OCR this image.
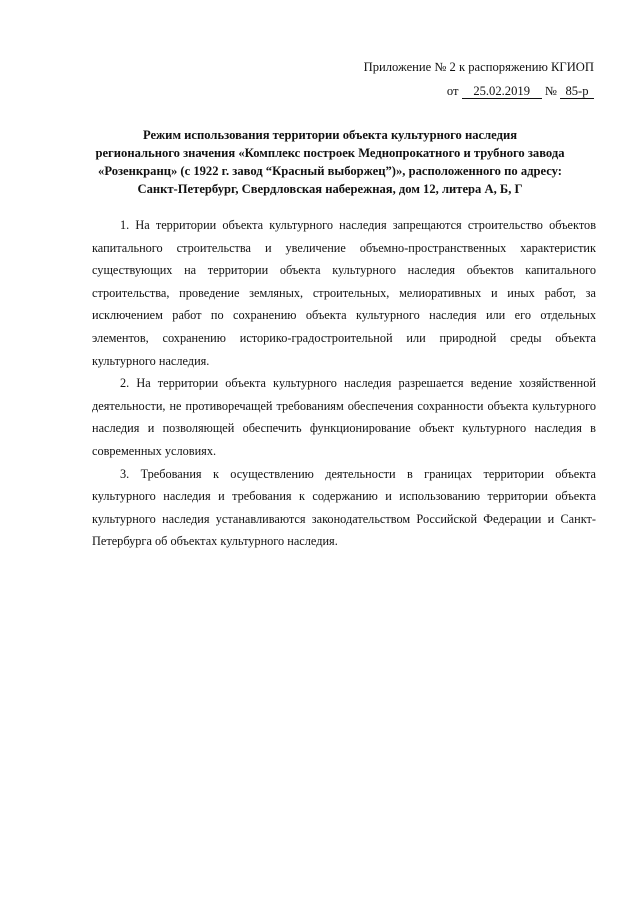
Приложение № 2 к распоряжению КГИОП
от 25.02.2019 № 85-р
Режим использования территории объекта культурного наследия
регионального значения «Комплекс построек Меднопрокатного и трубного завода
«Розенкранц» (с 1922 г. завод “Красный выборжец”)», расположенного по адресу:
Санкт-Петербург, Свердловская набережная, дом 12, литера А, Б, Г

1. На территории объекта культурного наследия запрещаются строительство объектов капитального строительства и увеличение объемно-пространственных характеристик существующих на территории объекта культурного наследия объектов капитального строительства, проведение земляных, строительных, мелиоративных и иных работ, за исключением работ по сохранению объекта культурного наследия или его отдельных элементов, сохранению историко-градостроительной или природной среды объекта культурного наследия.

2. На территории объекта культурного наследия разрешается ведение хозяйственной деятельности, не противоречащей требованиям обеспечения сохранности объекта культурного наследия и позволяющей обеспечить функционирование объект культурного наследия в современных условиях.

3. Требования к осуществлению деятельности в границах территории объекта культурного наследия и требования к содержанию и использованию территории объекта культурного наследия устанавливаются законодательством Российской Федерации и Санкт-Петербурга об объектах культурного наследия.
